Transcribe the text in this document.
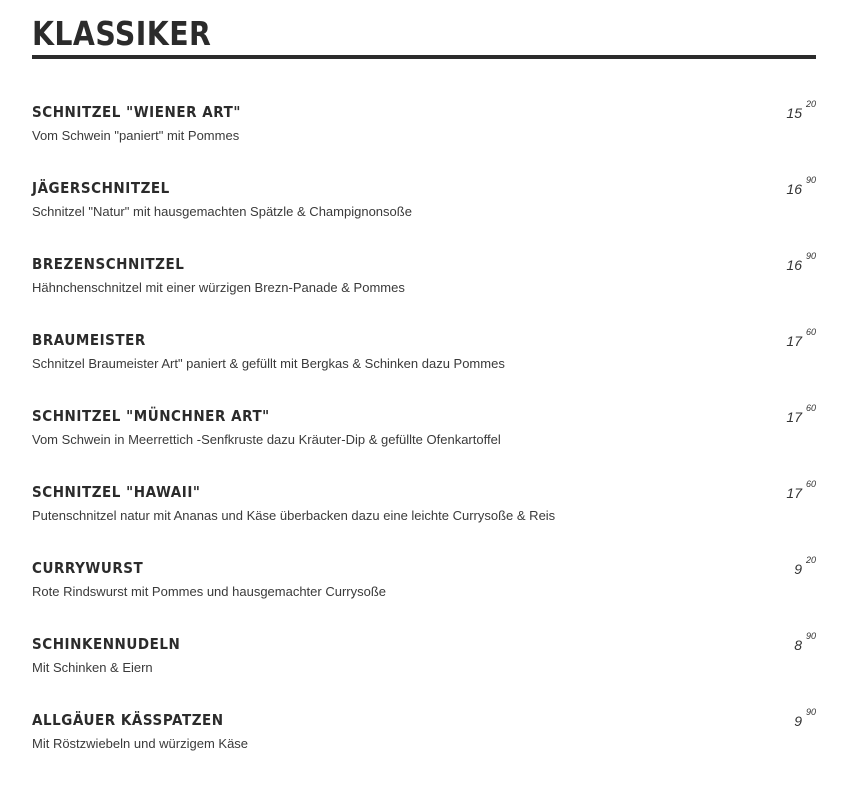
KLASSIKER
SCHNITZEL "WIENER ART"
Vom Schwein "paniert" mit Pommes
1520
JÄGERSCHNITZEL
Schnitzel "Natur" mit hausgemachten Spätzle & Champignonsoße
1690
BREZENSCHNITZEL
Hähnchenschnitzel mit einer würzigen Brezn-Panade & Pommes
1690
BRAUMEISTER
Schnitzel Braumeister Art" paniert & gefüllt mit Bergkas & Schinken dazu Pommes
1760
SCHNITZEL "MÜNCHNER ART"
Vom Schwein in Meerrettich -Senfkruste dazu Kräuter-Dip & gefüllte Ofenkartoffel
1760
SCHNITZEL "HAWAII"
Putenschnitzel natur mit Ananas und Käse überbacken dazu eine leichte Currysoße & Reis
1760
CURRYWURST
Rote Rindswurst mit Pommes und hausgemachter Currysoße
920
SCHINKENNUDELN
Mit Schinken & Eiern
890
ALLGÄUER KÄSSPATZEN
Mit Röstzwiebeln und würzigem Käse
990
